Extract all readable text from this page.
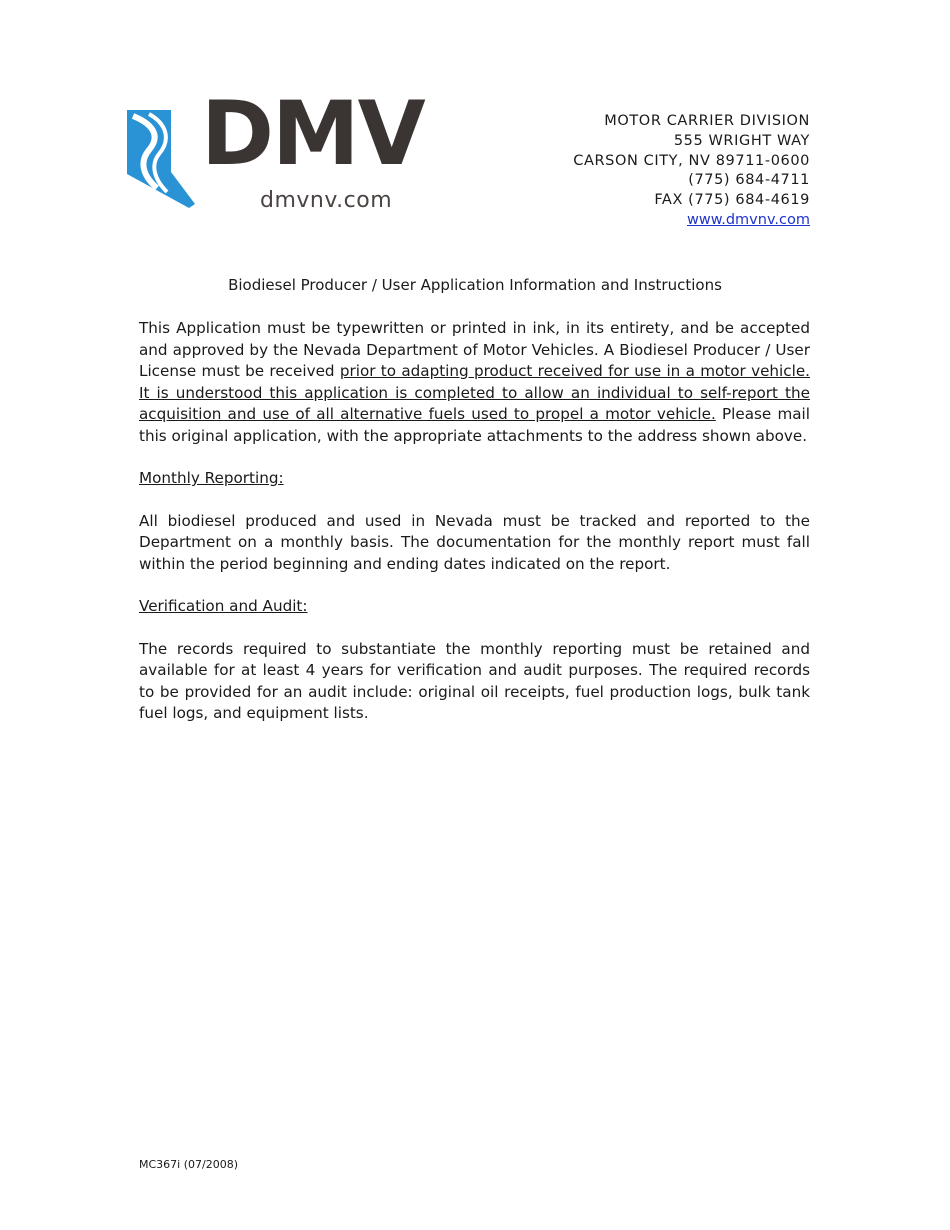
DMV
dmvnv.com
MOTOR CARRIER DIVISION
555 WRIGHT WAY
CARSON CITY, NV 89711-0600
(775) 684-4711
FAX (775) 684-4619
www.dmvnv.com
Biodiesel Producer / User Application Information and Instructions

This Application must be typewritten or printed in ink, in its entirety, and be accepted and approved by the Nevada Department of Motor Vehicles. A Biodiesel Producer / User License must be received prior to adapting product received for use in a motor vehicle. It is understood this application is completed to allow an individual to self-report the acquisition and use of all alternative fuels used to propel a motor vehicle. Please mail this original application, with the appropriate attachments to the address shown above.

Monthly Reporting:

All biodiesel produced and used in Nevada must be tracked and reported to the Department on a monthly basis. The documentation for the monthly report must fall within the period beginning and ending dates indicated on the report.

Verification and Audit:

The records required to substantiate the monthly reporting must be retained and available for at least 4 years for verification and audit purposes. The required records to be provided for an audit include: original oil receipts, fuel production logs, bulk tank fuel logs, and equipment lists.

MC367i (07/2008)
